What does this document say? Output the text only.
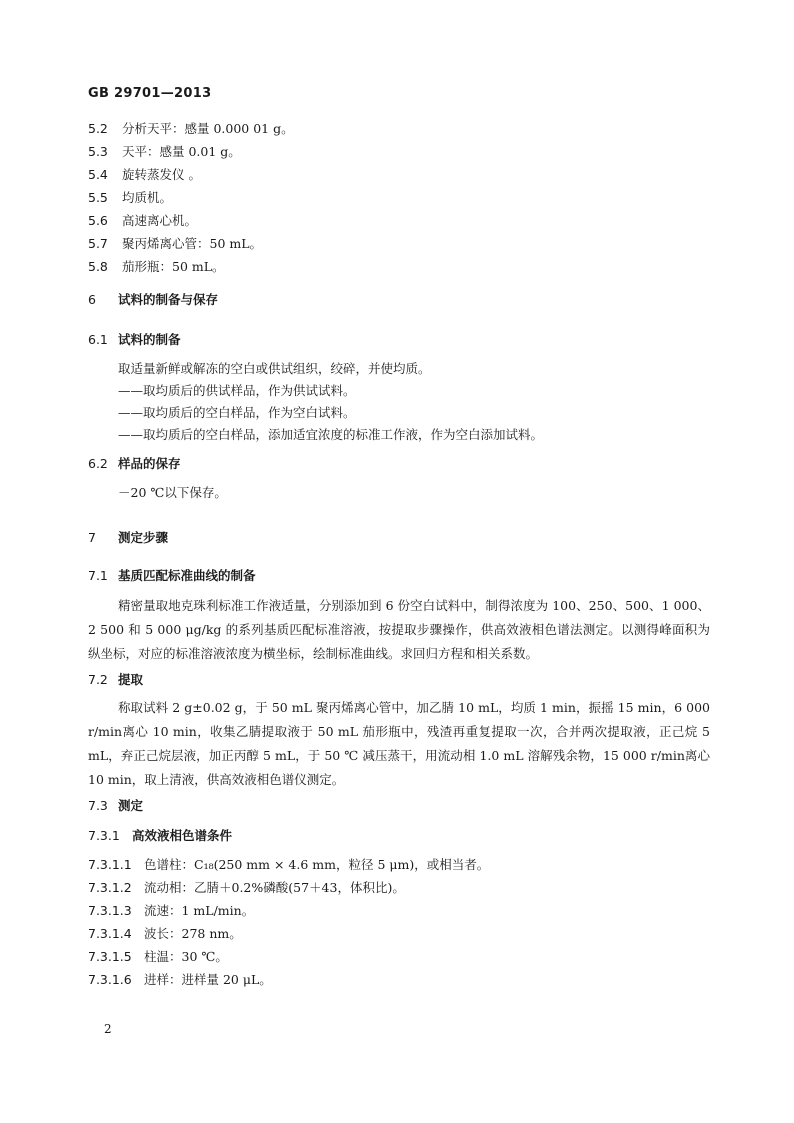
GB 29701—2013
5.2 分析天平：感量 0.000 01 g。
5.3 天平：感量 0.01 g。
5.4 旋转蒸发仪 。
5.5 均质机。
5.6 高速离心机。
5.7 聚丙烯离心管：50 mL。
5.8 茄形瓶：50 mL。
6 试料的制备与保存
6.1 试料的制备
取适量新鲜或解冻的空白或供试组织，绞碎，并使均质。
——取均质后的供试样品，作为供试试料。
——取均质后的空白样品，作为空白试料。
——取均质后的空白样品，添加适宜浓度的标准工作液，作为空白添加试料。
6.2 样品的保存
－20 ℃以下保存。
7 测定步骤
7.1 基质匹配标准曲线的制备

精密量取地克珠利标准工作液适量，分别添加到 6 份空白试料中，制得浓度为 100、250、500、1 000、2 500 和 5 000 μg/kg 的系列基质匹配标准溶液，按提取步骤操作，供高效液相色谱法测定。以测得峰面积为纵坐标，对应的标准溶液浓度为横坐标，绘制标准曲线。求回归方程和相关系数。

7.2 提取

称取试料 2 g±0.02 g，于 50 mL 聚丙烯离心管中，加乙腈 10 mL，均质 1 min，振摇 15 min，6 000 r/min离心 10 min，收集乙腈提取液于 50 mL 茄形瓶中，残渣再重复提取一次，合并两次提取液，正己烷 5 mL，弃正己烷层液，加正丙醇 5 mL，于 50 ℃ 减压蒸干，用流动相 1.0 mL 溶解残余物，15 000 r/min离心 10 min，取上清液，供高效液相色谱仪测定。

7.3 测定
7.3.1 高效液相色谱条件
7.3.1.1 色谱柱：C₁₈(250 mm × 4.6 mm，粒径 5 μm)，或相当者。
7.3.1.2 流动相：乙腈＋0.2%磷酸(57＋43，体积比)。
7.3.1.3 流速：1 mL/min。
7.3.1.4 波长：278 nm。
7.3.1.5 柱温：30 ℃。
7.3.1.6 进样：进样量 20 μL。
2
